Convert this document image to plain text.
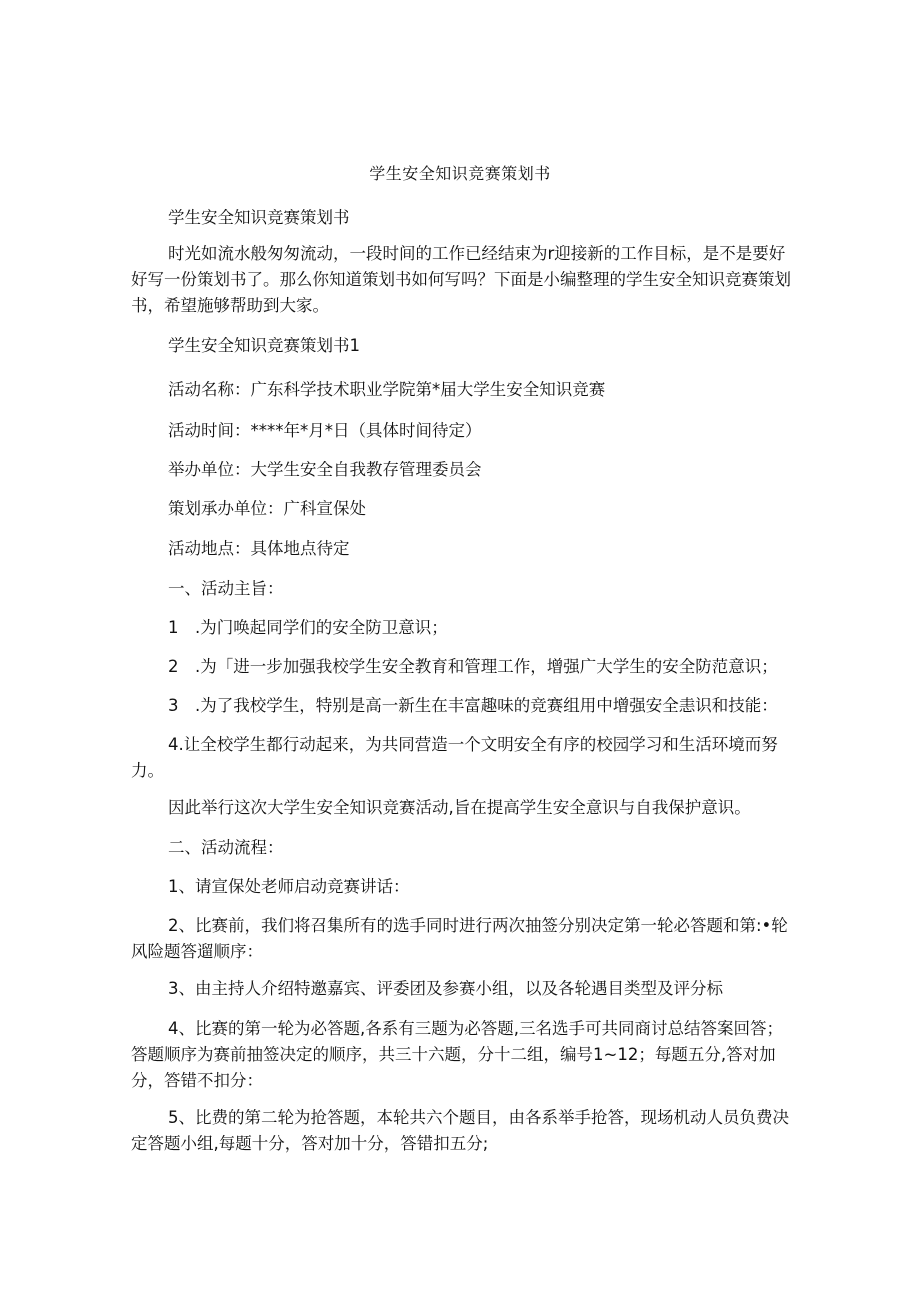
学生安全知识竞赛策划书

学生安全知识竞赛策划书

时光如流水般匆匆流动，一段时间的工作已经结束为r迎接新的工作目标，是不是要好好写一份策划书了。那么你知道策划书如何写吗？下面是小编整理的学生安全知识竞赛策划书，希望施够帮助到大家。

学生安全知识竞赛策划书1

活动名称：广东科学技术职业学院第*届大学生安全知识竞赛

活动时间：****年*月*日（具体时间待定）

举办单位：大学生安全自我教存管理委员会

策划承办单位：广科宣保处

活动地点：具体地点待定

一、活动主旨：

1　.为门唤起同学们的安全防卫意识；

2　.为「进一步加强我校学生安全教育和管理工作，增强广大学生的安全防范意识；

3　.为了我校学生，特别是高一新生在丰富趣味的竞赛组用中增强安全恚识和技能：

4.让全校学生都行动起来，为共同营造一个文明安全有序的校园学习和生活环境而努力。

因此举行这次大学生安全知识竞赛活动,旨在提高学生安全意识与自我保护意识。

二、活动流程：

1、请宣保处老师启动竞赛讲话：

2、比赛前，我们将召集所有的选手同时进行两次抽签分别决定第一轮必答题和第:•轮风险题答遛顺序：

3、由主持人介绍特邀嘉宾、评委团及参赛小组，以及各轮遇目类型及评分标

4、比赛的第一轮为必答题,各系有三题为必答题,三名选手可共同商讨总结答案回答；答题顺序为赛前抽签决定的顺序，共三十六题，分十二组，编号1~12；每题五分,答对加分，答错不扣分：

5、比费的第二轮为抢答题，本轮共六个题目，由各系举手抢答，现场机动人员负费决定答题小组,每题十分，答对加十分，答错扣五分;
